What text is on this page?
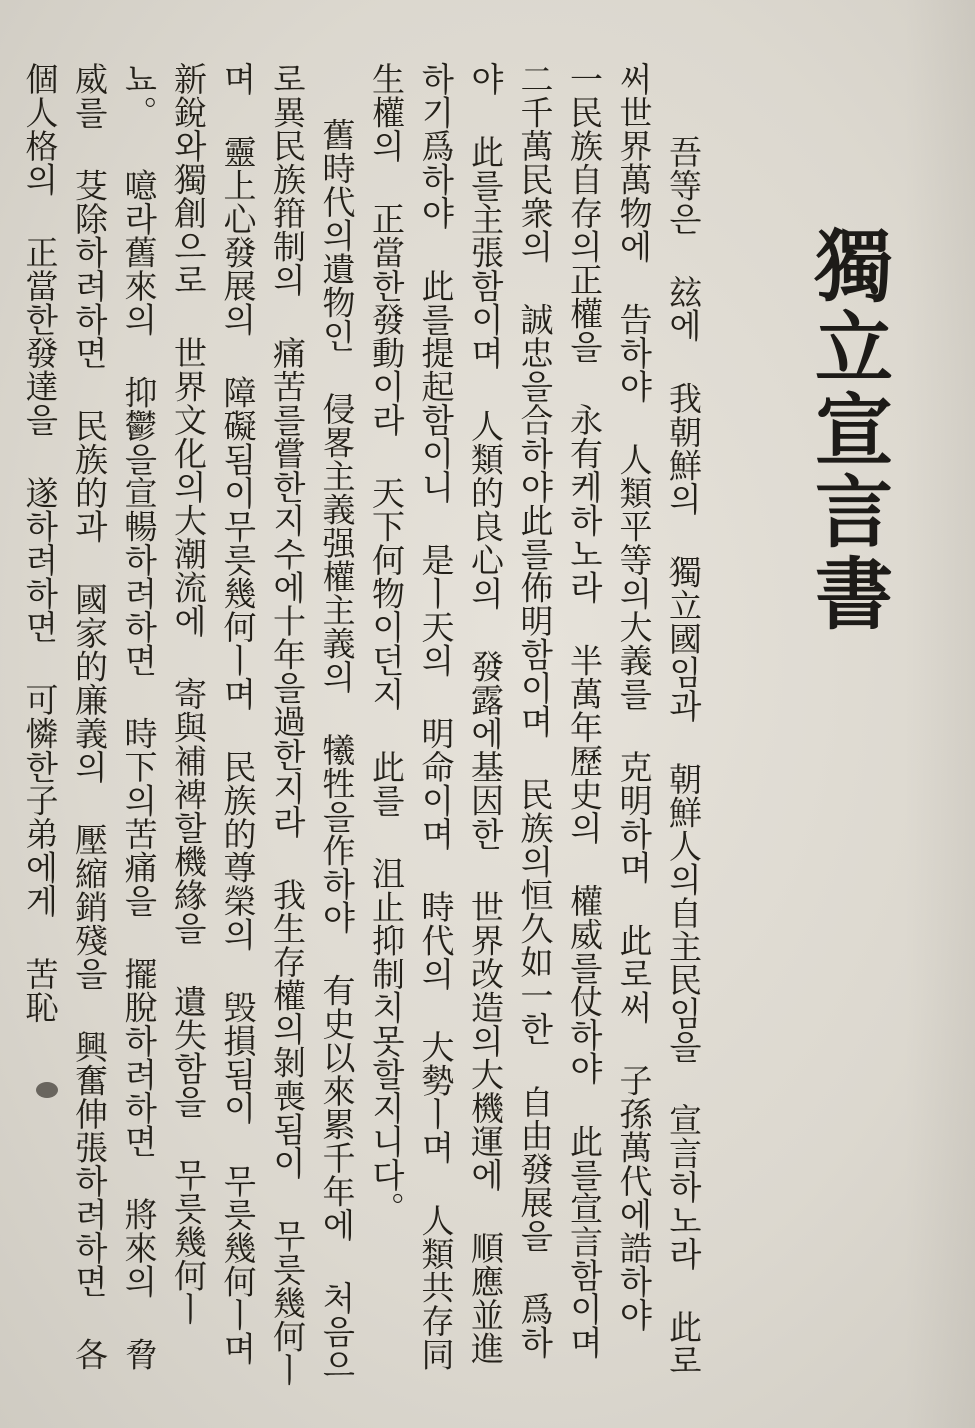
獨立宣言書

吾等은 玆에 我朝鮮의 獨立國임과 朝鮮人의自主民임을 宣言하노라 此로써世界萬物에 告하야 人類平等의大義를 克明하며 此로써 子孫萬代에誥하야 一民族自存의正權을 永有케하노라 半萬年歷史의 權威를仗하야 此를宣言함이며二千萬民衆의 誠忠을合하야此를佈明함이며 民族의恒久如一한 自由發展을 爲하야 此를主張함이며 人類的良心의 發露에基因한 世界改造의大機運에 順應並進하기爲하야 此를提起함이니 是ㅣ天의 明命이며 時代의 大勢ㅣ며 人類共存同生權의 正當한發動이라 天下何物이던지 此를 沮止抑制치못할지니다。

舊時代의遺物인 侵畧主義强權主義의 犧牲을作하야 有史以來累千年에 처음으로異民族箝制의 痛苦를嘗한지수에十年을過한지라 我生存權의剝喪됨이 무릇幾何ㅣ며 靈上心發展의 障礙됨이무릇幾何ㅣ며 民族的尊榮의 毁損됨이 무릇幾何ㅣ며 新銳와獨創으로 世界文化의大潮流에 寄與補裨할機緣을 遺失함을 무릇幾何ㅣ뇨。 噫라舊來의 抑鬱을宣暢하려하면 時下의苦痛을 擺脫하려하면 將來의 脅威를 芟除하려하면 民族的과 國家的廉義의 壓縮銷殘을 興奮伸張하려하면 各個人格의 正當한發達을 遂하려하면 可憐한子弟에게 苦恥
